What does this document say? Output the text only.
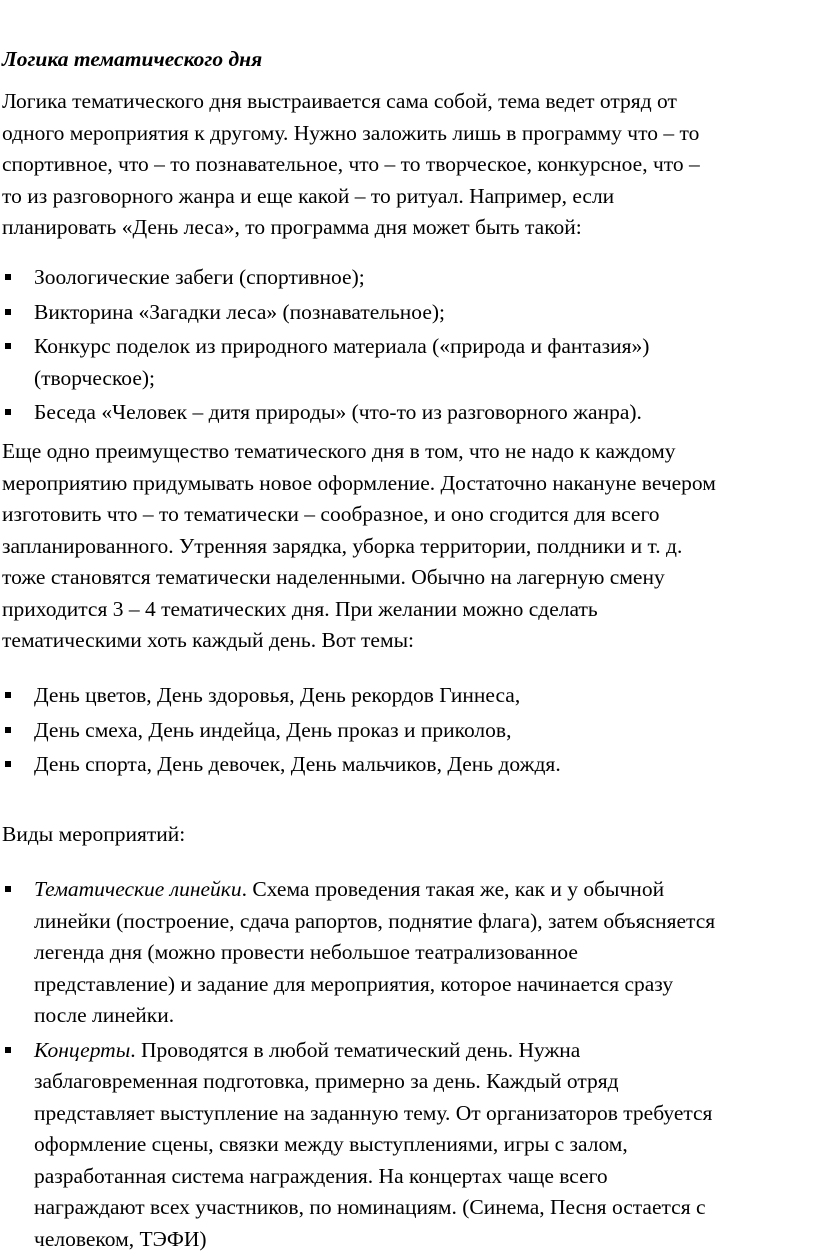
Логика тематического дня

Логика тематического дня выстраивается сама собой, тема ведет отряд от
одного мероприятия к другому. Нужно заложить лишь в программу что – то
спортивное, что – то познавательное, что – то творческое, конкурсное, что –
то из разговорного жанра и еще какой – то ритуал. Например, если
планировать «День леса», то программа дня может быть такой:

Зоологические забеги (спортивное);
Викторина «Загадки леса» (познавательное);
Конкурс поделок из природного материала («природа и фантазия»)
(творческое);
Беседа «Человек – дитя природы» (что-то из разговорного жанра).

Еще одно преимущество тематического дня в том, что не надо к каждому
мероприятию придумывать новое оформление. Достаточно накануне вечером
изготовить что – то тематически – сообразное, и оно сгодится для всего
запланированного. Утренняя зарядка, уборка территории, полдники и т. д.
тоже становятся тематически наделенными. Обычно на лагерную смену
приходится 3 – 4 тематических дня. При желании можно сделать
тематическими хоть каждый день. Вот темы:

День цветов, День здоровья, День рекордов Гиннеса,
День смеха, День индейца, День проказ и приколов,
День спорта, День девочек, День мальчиков, День дождя.

Виды мероприятий:

Тематические линейки. Схема проведения такая же, как и у обычной
линейки (построение, сдача рапортов, поднятие флага), затем объясняется
легенда дня (можно провести небольшое театрализованное
представление) и задание для мероприятия, которое начинается сразу
после линейки.
Концерты. Проводятся в любой тематический день. Нужна
заблаговременная подготовка, примерно за день. Каждый отряд
представляет выступление на заданную тему. От организаторов требуется
оформление сцены, связки между выступлениями, игры с залом,
разработанная система награждения. На концертах чаще всего
награждают всех участников, по номинациям. (Синема, Песня остается с
человеком, ТЭФИ)
